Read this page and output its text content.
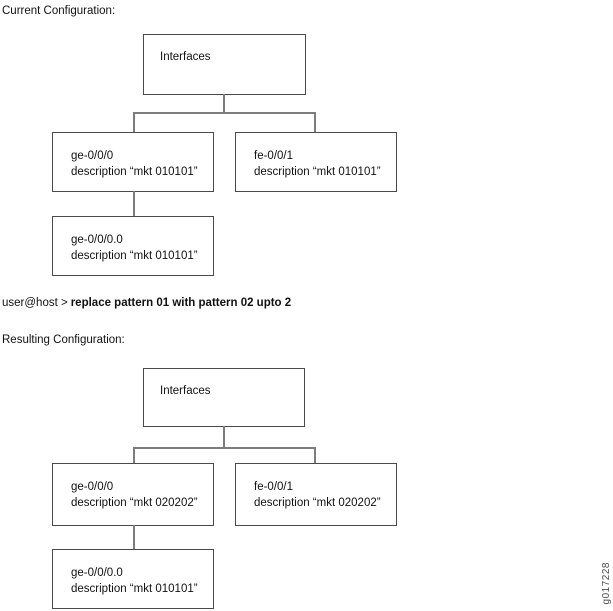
Current Configuration:
Interfaces
ge-0/0/0
description “mkt 010101”
fe-0/0/1
description “mkt 010101”
ge-0/0/0.0
description “mkt 010101”
user@host > replace pattern 01 with pattern 02 upto 2
Resulting Configuration:
Interfaces
ge-0/0/0
description “mkt 020202”
fe-0/0/1
description “mkt 020202”
ge-0/0/0.0
description “mkt 010101”	g017228
